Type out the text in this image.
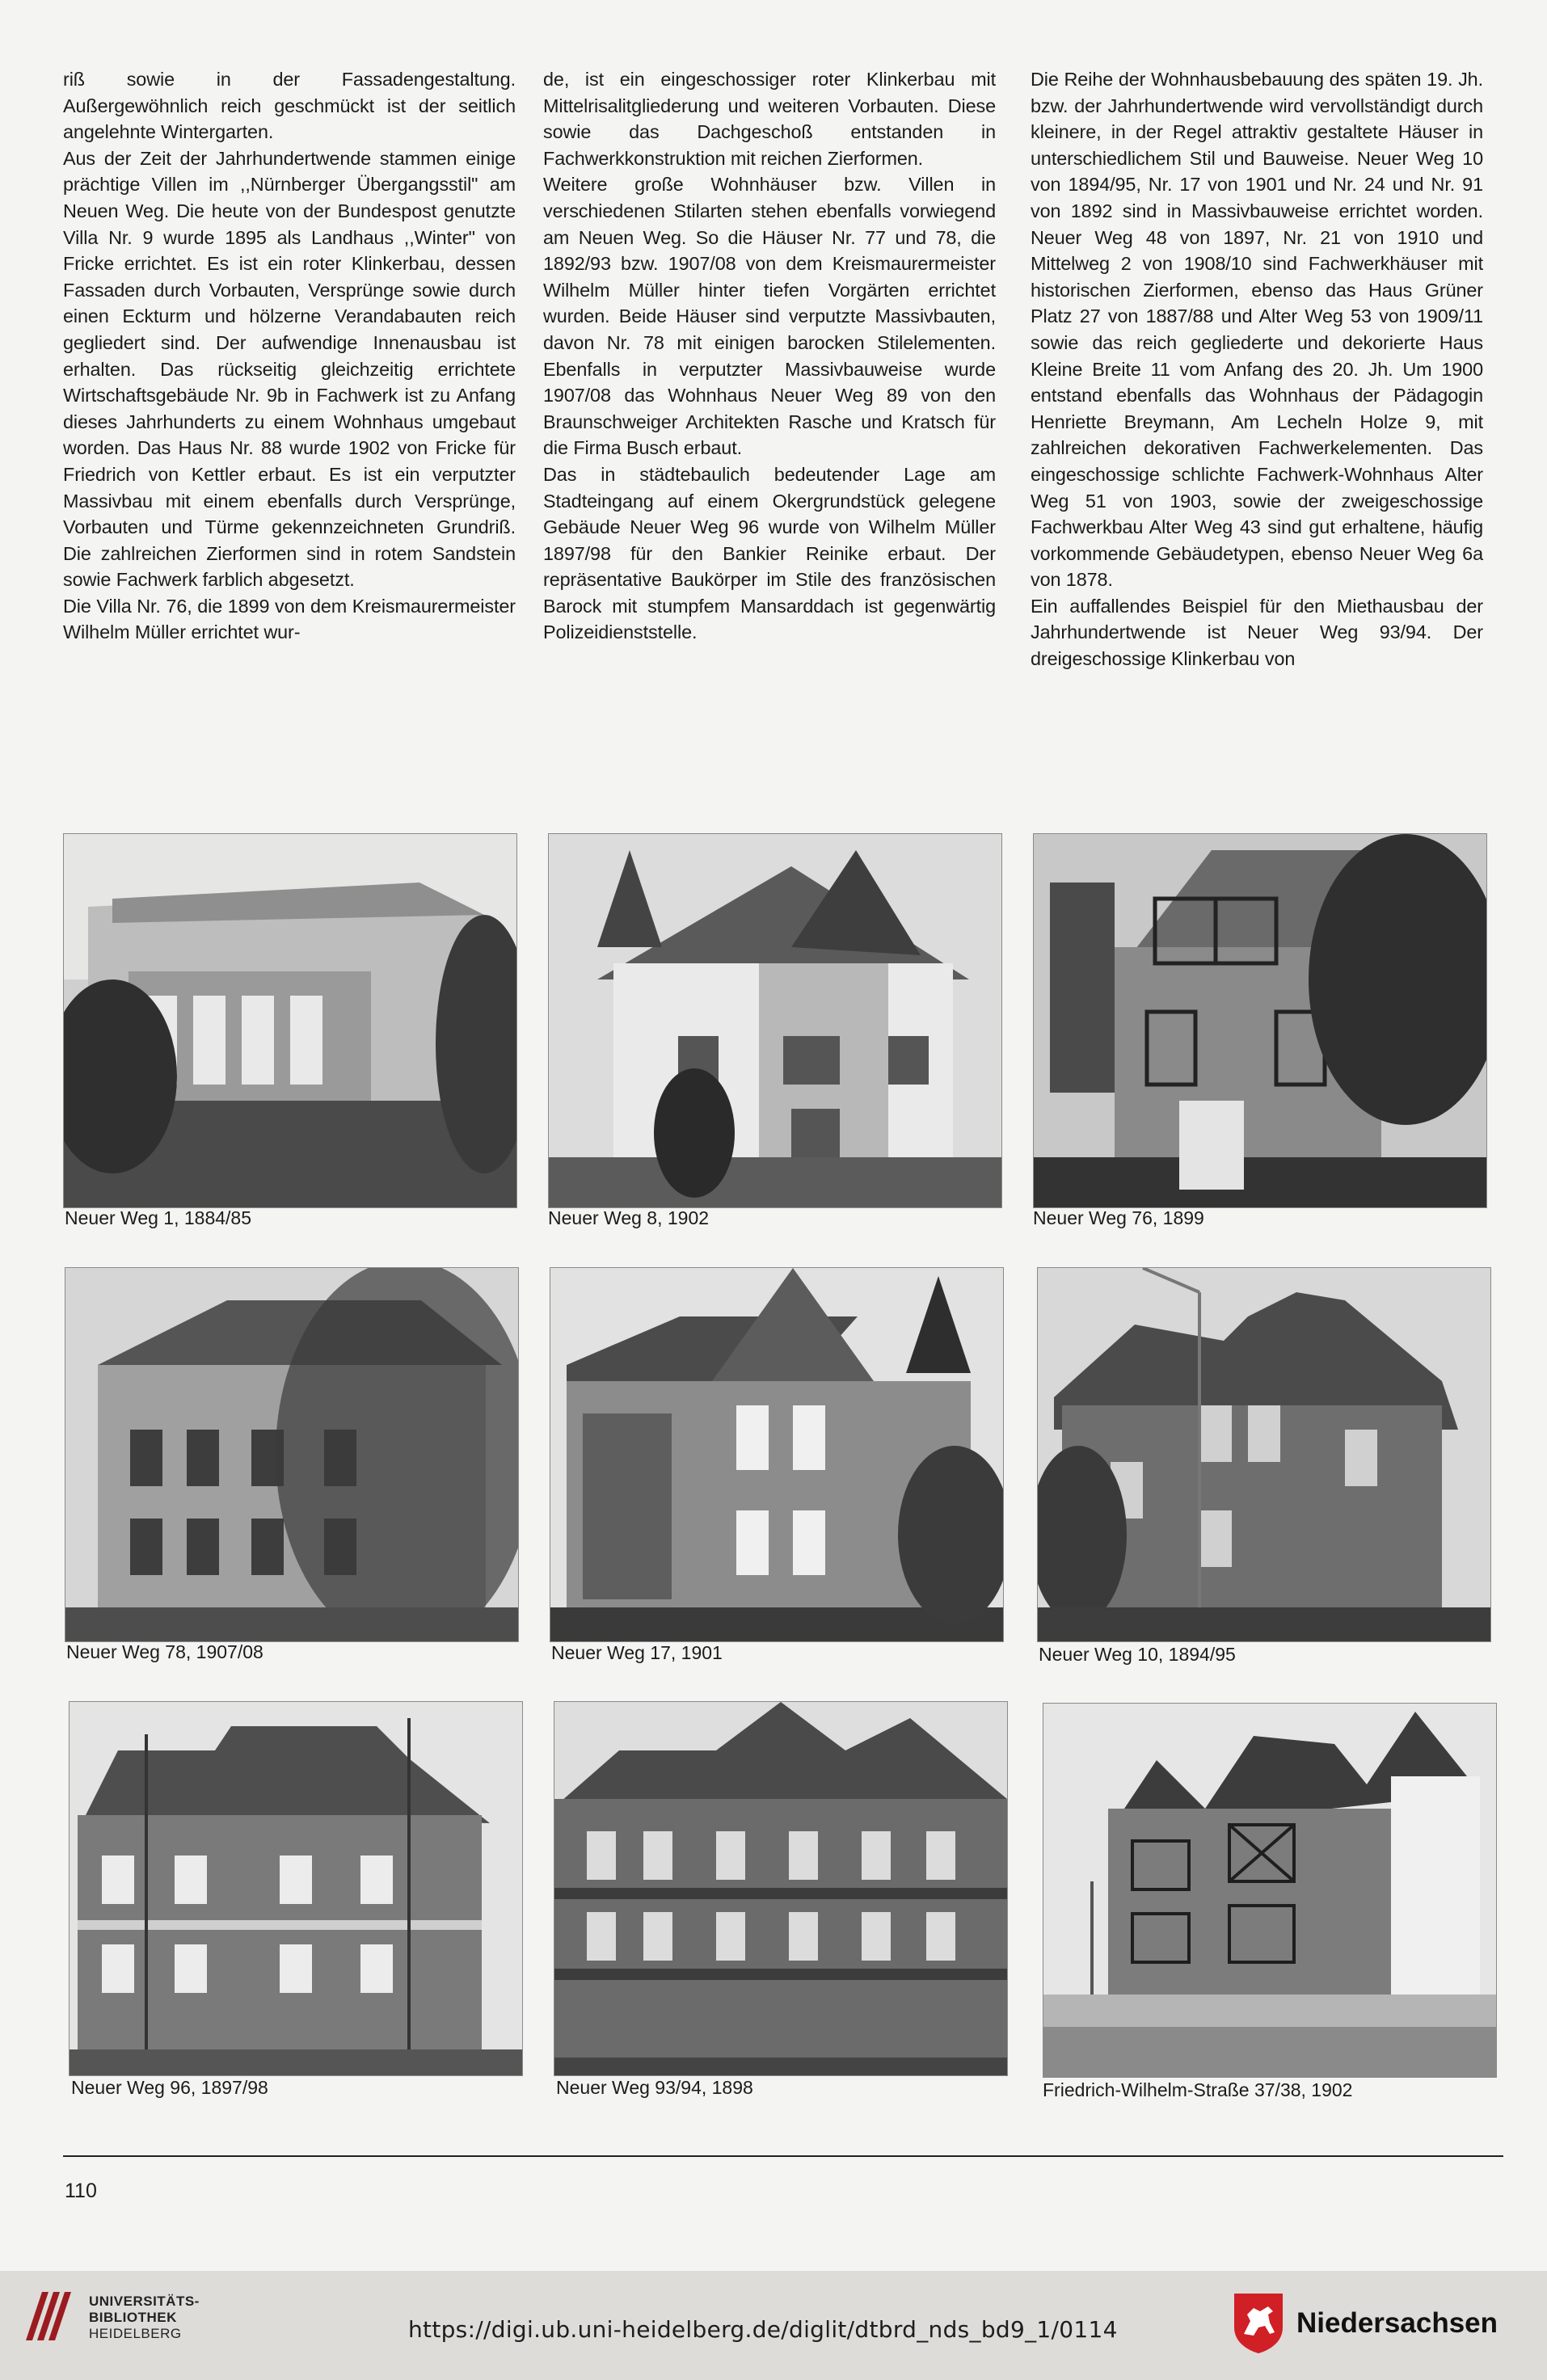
riß sowie in der Fassadengestaltung. Außergewöhnlich reich geschmückt ist der seitlich angelehnte Wintergarten.

Aus der Zeit der Jahrhundertwende stammen einige prächtige Villen im ,,Nürnberger Übergangsstil" am Neuen Weg. Die heute von der Bundespost genutzte Villa Nr. 9 wurde 1895 als Landhaus ,,Winter" von Fricke errichtet. Es ist ein roter Klinkerbau, dessen Fassaden durch Vorbauten, Versprünge sowie durch einen Eckturm und hölzerne Verandabauten reich gegliedert sind. Der aufwendige Innenausbau ist erhalten. Das rückseitig gleichzeitig errichtete Wirtschaftsgebäude Nr. 9b in Fachwerk ist zu Anfang dieses Jahrhunderts zu einem Wohnhaus umgebaut worden. Das Haus Nr. 88 wurde 1902 von Fricke für Friedrich von Kettler erbaut. Es ist ein verputzter Massivbau mit einem ebenfalls durch Versprünge, Vorbauten und Türme gekennzeichneten Grundriß. Die zahlreichen Zierformen sind in rotem Sandstein sowie Fachwerk farblich abgesetzt.

Die Villa Nr. 76, die 1899 von dem Kreismaurermeister Wilhelm Müller errichtet wur-

de, ist ein eingeschossiger roter Klinkerbau mit Mittelrisalitgliederung und weiteren Vorbauten. Diese sowie das Dachgeschoß entstanden in Fachwerkkonstruktion mit reichen Zierformen.

Weitere große Wohnhäuser bzw. Villen in verschiedenen Stilarten stehen ebenfalls vorwiegend am Neuen Weg. So die Häuser Nr. 77 und 78, die 1892/93 bzw. 1907/08 von dem Kreismaurermeister Wilhelm Müller hinter tiefen Vorgärten errichtet wurden. Beide Häuser sind verputzte Massivbauten, davon Nr. 78 mit einigen barocken Stilelementen. Ebenfalls in verputzter Massivbauweise wurde 1907/08 das Wohnhaus Neuer Weg 89 von den Braunschweiger Architekten Rasche und Kratsch für die Firma Busch erbaut.

Das in städtebaulich bedeutender Lage am Stadteingang auf einem Okergrundstück gelegene Gebäude Neuer Weg 96 wurde von Wilhelm Müller 1897/98 für den Bankier Reinike erbaut. Der repräsentative Baukörper im Stile des französischen Barock mit stumpfem Mansarddach ist gegenwärtig Polizeidienststelle.

Die Reihe der Wohnhausbebauung des späten 19. Jh. bzw. der Jahrhundertwende wird vervollständigt durch kleinere, in der Regel attraktiv gestaltete Häuser in unterschiedlichem Stil und Bauweise. Neuer Weg 10 von 1894/95, Nr. 17 von 1901 und Nr. 24 und Nr. 91 von 1892 sind in Massivbauweise errichtet worden. Neuer Weg 48 von 1897, Nr. 21 von 1910 und Mittelweg 2 von 1908/10 sind Fachwerkhäuser mit historischen Zierformen, ebenso das Haus Grüner Platz 27 von 1887/88 und Alter Weg 53 von 1909/11 sowie das reich gegliederte und dekorierte Haus Kleine Breite 11 vom Anfang des 20. Jh. Um 1900 entstand ebenfalls das Wohnhaus der Pädagogin Henriette Breymann, Am Lecheln Holze 9, mit zahlreichen dekorativen Fachwerkelementen. Das eingeschossige schlichte Fachwerk-Wohnhaus Alter Weg 51 von 1903, sowie der zweigeschossige Fachwerkbau Alter Weg 43 sind gut erhaltene, häufig vorkommende Gebäudetypen, ebenso Neuer Weg 6a von 1878.

Ein auffallendes Beispiel für den Miethausbau der Jahrhundertwende ist Neuer Weg 93/94. Der dreigeschossige Klinkerbau von

Neuer Weg 1, 1884/85	Neuer Weg 8, 1902	Neuer Weg 76, 1899
Neuer Weg 78, 1907/08	Neuer Weg 17, 1901	Neuer Weg 10, 1894/95
Neuer Weg 96, 1897/98	Neuer Weg 93/94, 1898	Friedrich-Wilhelm-Straße 37/38, 1902
110
UNIVERSITÄTS-
BIBLIOTHEK
HEIDELBERG	https://digi.ub.uni-heidelberg.de/diglit/dtbrd_nds_bd9_1/0114	Niedersachsen
